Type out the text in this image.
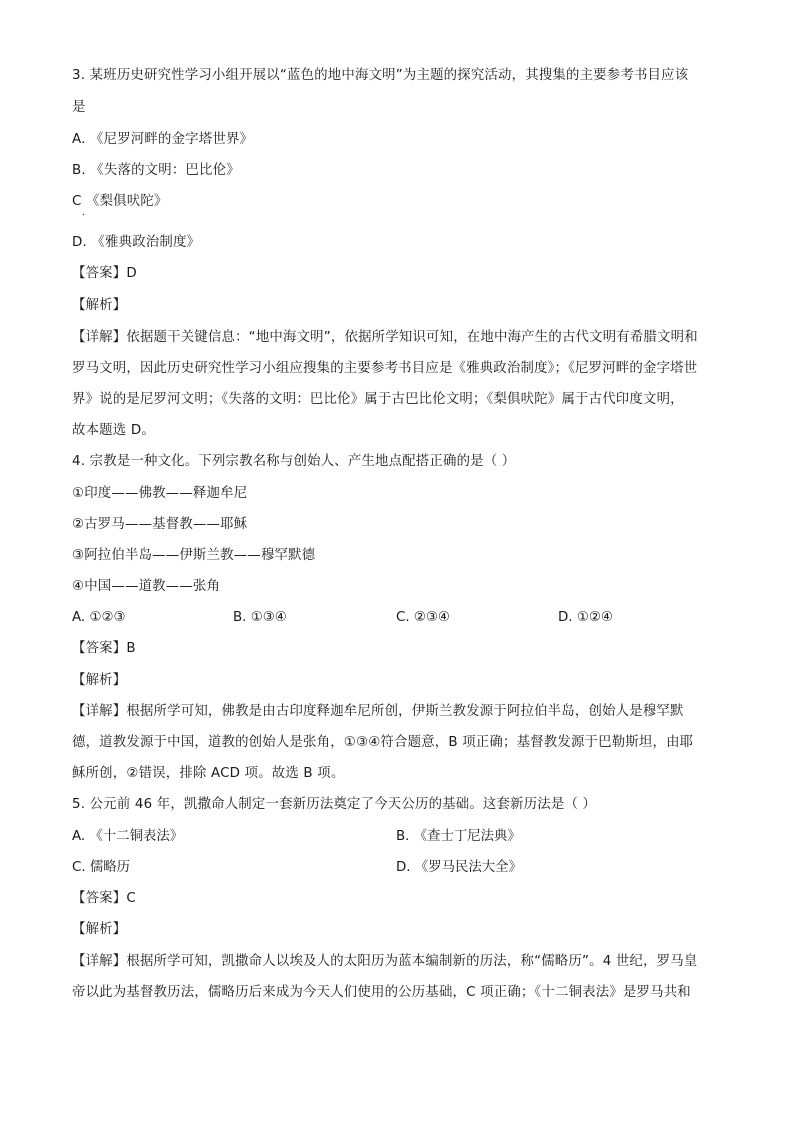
3. 某班历史研究性学习小组开展以“蓝色的地中海文明”为主题的探究活动，其搜集的主要参考书目应该
是
A. 《尼罗河畔的金字塔世界》
B. 《失落的文明：巴比伦》
C 《梨俱吠陀》
·
D. 《雅典政治制度》
【答案】D
【解析】
【详解】依据题干关键信息：“地中海文明”，依据所学知识可知，在地中海产生的古代文明有希腊文明和
罗马文明，因此历史研究性学习小组应搜集的主要参考书目应是《雅典政治制度》；《尼罗河畔的金字塔世
界》说的是尼罗河文明；《失落的文明：巴比伦》属于古巴比伦文明；《梨俱吠陀》属于古代印度文明，
故本题选 D。
4. 宗教是一种文化。下列宗教名称与创始人、产生地点配搭正确的是（ ）
①印度——佛教——释迦牟尼
②古罗马——基督教——耶稣
③阿拉伯半岛——伊斯兰教——穆罕默德
④中国——道教——张角
A. ①②③	B. ①③④	C. ②③④	D. ①②④
【答案】B
【解析】
【详解】根据所学可知，佛教是由古印度释迦牟尼所创，伊斯兰教发源于阿拉伯半岛，创始人是穆罕默
德，道教发源于中国，道教的创始人是张角，①③④符合题意，B 项正确；基督教发源于巴勒斯坦，由耶
稣所创，②错误，排除 ACD 项。故选 B 项。
5. 公元前 46 年，凯撒命人制定一套新历法奠定了今天公历的基础。这套新历法是（ ）
A. 《十二铜表法》	B. 《查士丁尼法典》
C. 儒略历	D. 《罗马民法大全》
【答案】C
【解析】
【详解】根据所学可知，凯撒命人以埃及人的太阳历为蓝本编制新的历法，称“儒略历”。4 世纪，罗马皇
帝以此为基督教历法，儒略历后来成为今天人们使用的公历基础，C 项正确；《十二铜表法》是罗马共和
